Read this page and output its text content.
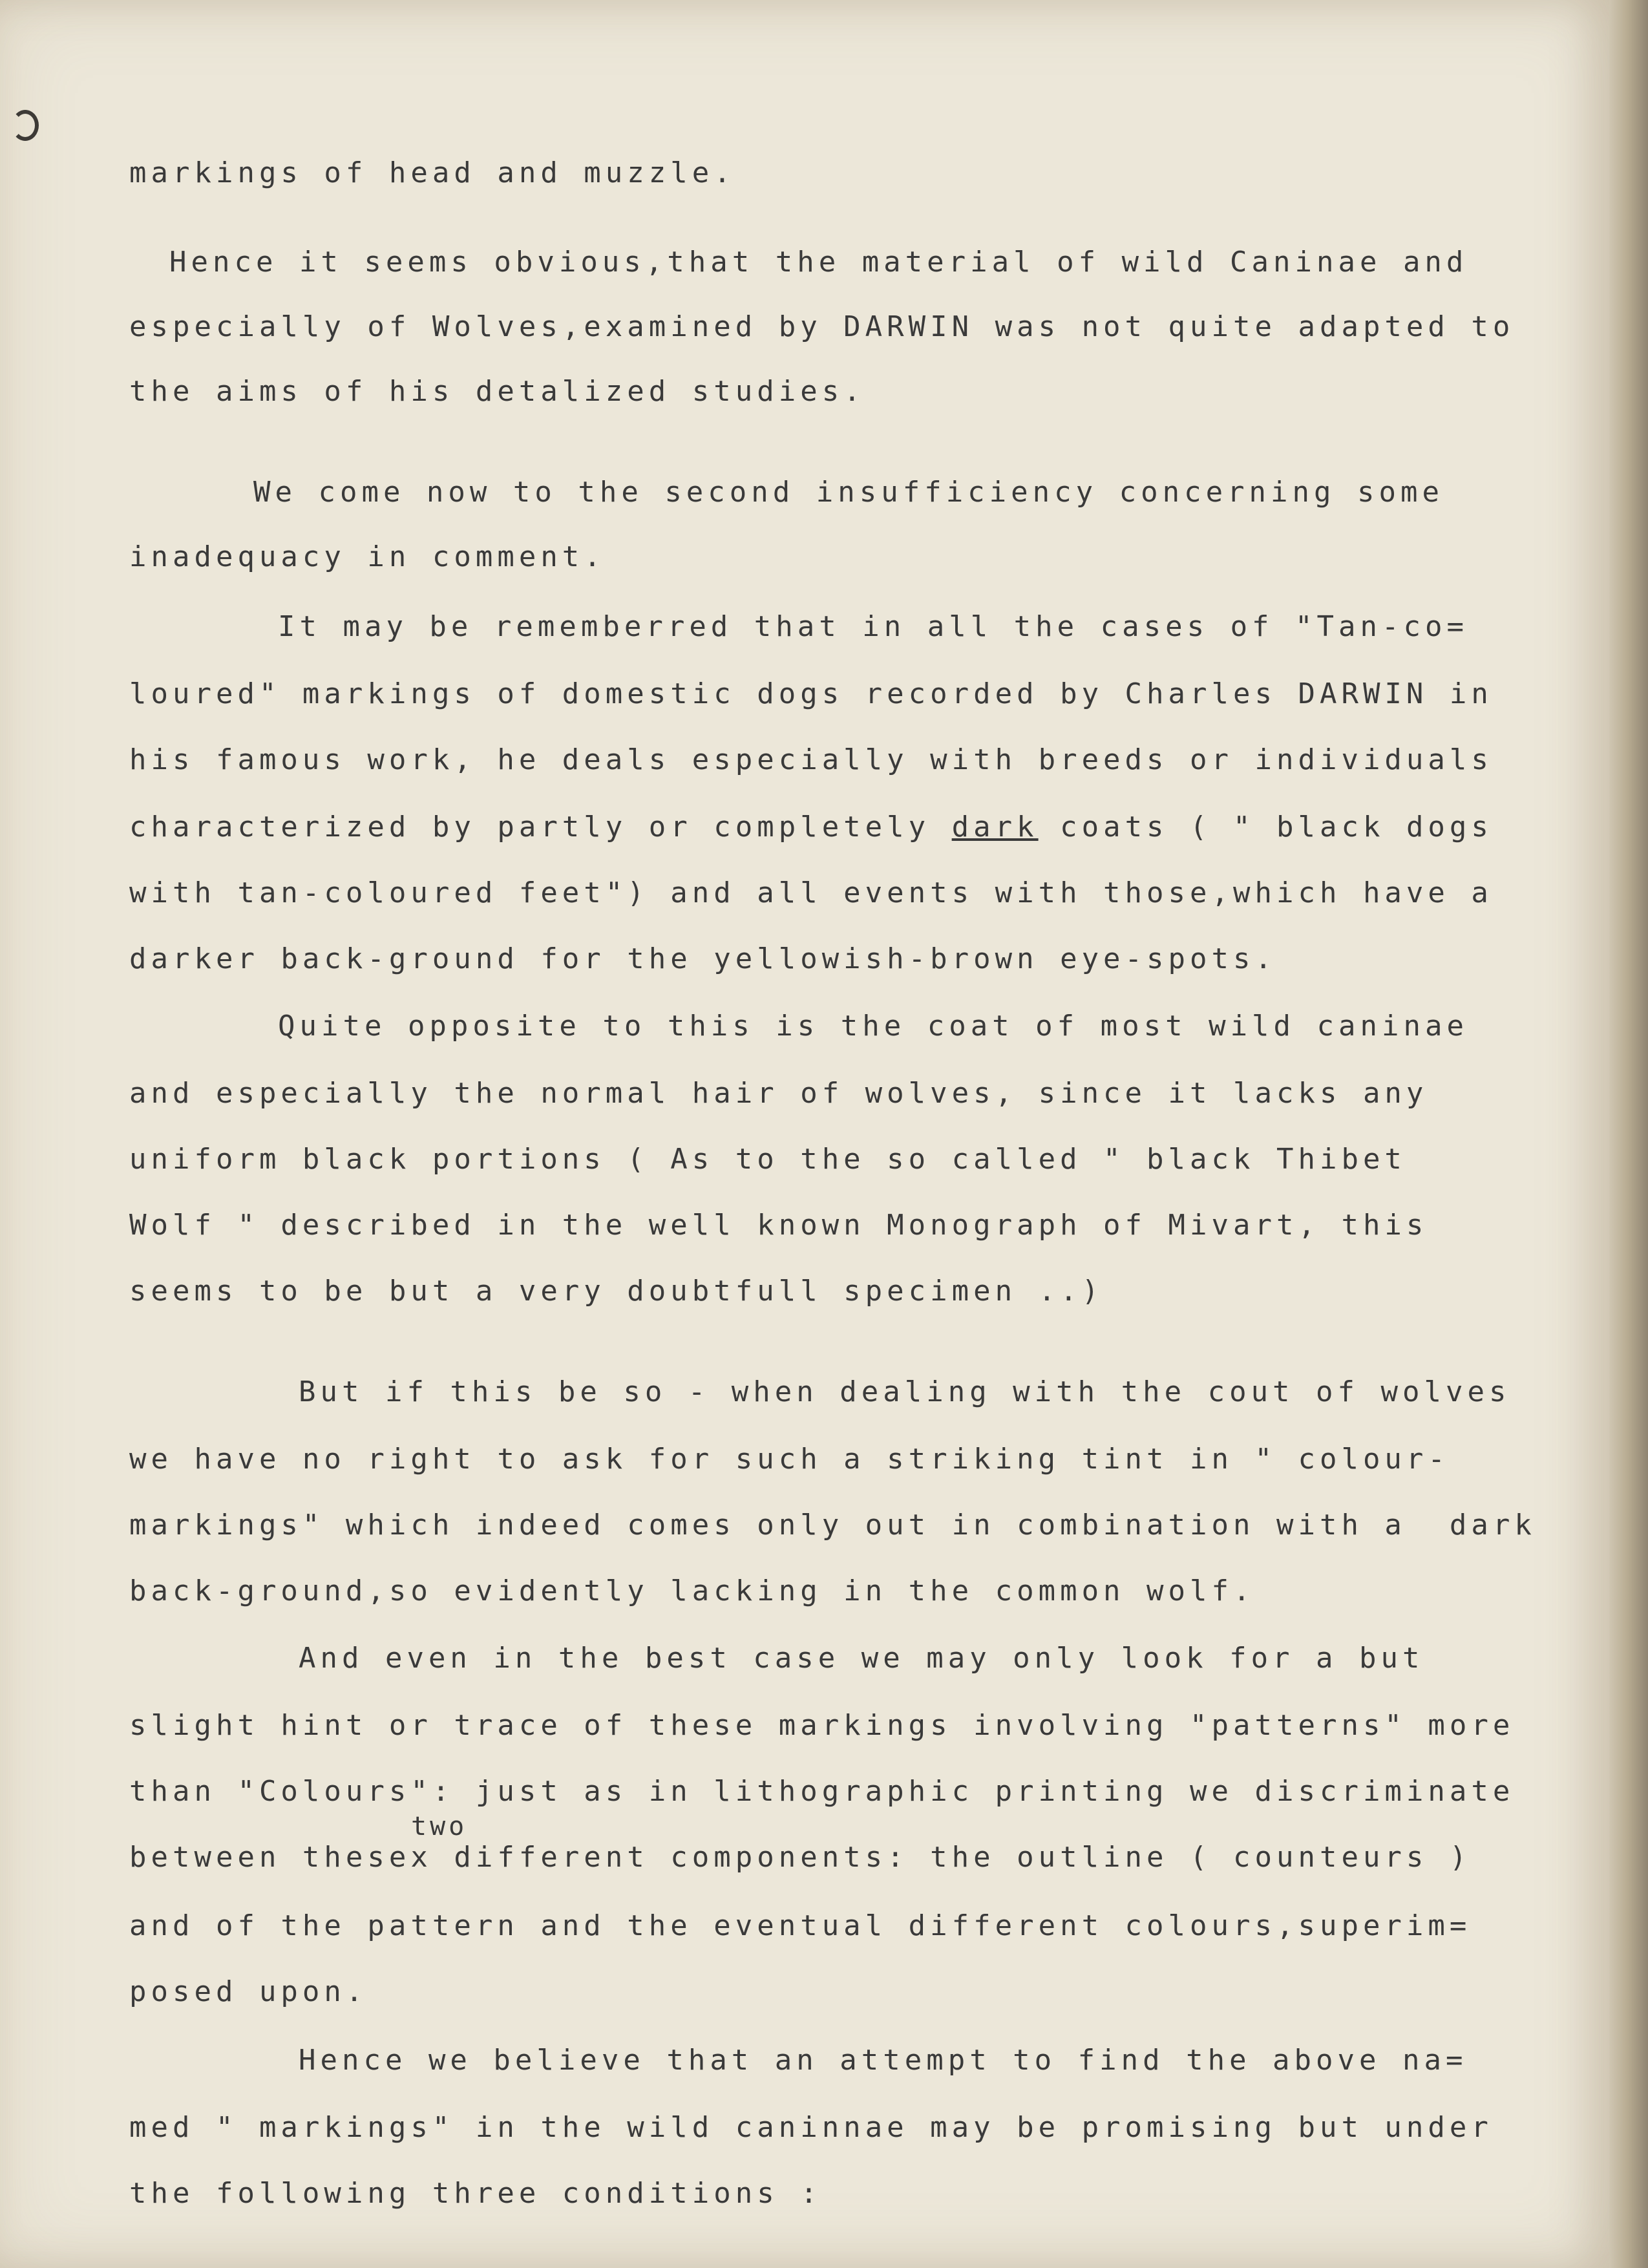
markings of head and muzzle.
Hence it seems obvious,that the material of wild Caninae and
especially of Wolves,examined by DARWIN was not quite adapted to
the aims of his detalized studies.
We come now to the second insufficiency concerning some
inadequacy in comment.
It may be rememberred that in all the cases of "Tan-co=
loured" markings of domestic dogs recorded by Charles DARWIN in
his famous work, he deals especially with breeds or individuals
characterized by partly or completely dark coats ( " black dogs
with tan-coloured feet") and all events with those,which have a
darker back-ground for the yellowish-brown eye-spots.
Quite opposite to this is the coat of most wild caninae
and especially the normal hair of wolves, since it lacks any
uniform black portions ( As to the so called " black Thibet
Wolf " described in the well known Monograph of Mivart, this
seems to be but a very doubtfull specimen ..)
But if this be so - when dealing with the cout of wolves
we have no right to ask for such a striking tint in " colour-
markings" which indeed comes only out in combination with a  dark
back-ground,so evidently lacking in the common wolf.
And even in the best case we may only look for a but
slight hint or trace of these markings involving "patterns" more
than "Colours": just as in lithographic printing we discriminate
two
between thesex different components: the outline ( counteurs )
and of the pattern and the eventual different colours,superim=
posed upon.
Hence we believe that an attempt to find the above na=
med " markings" in the wild caninnae may be promising but under
the following three conditions :
